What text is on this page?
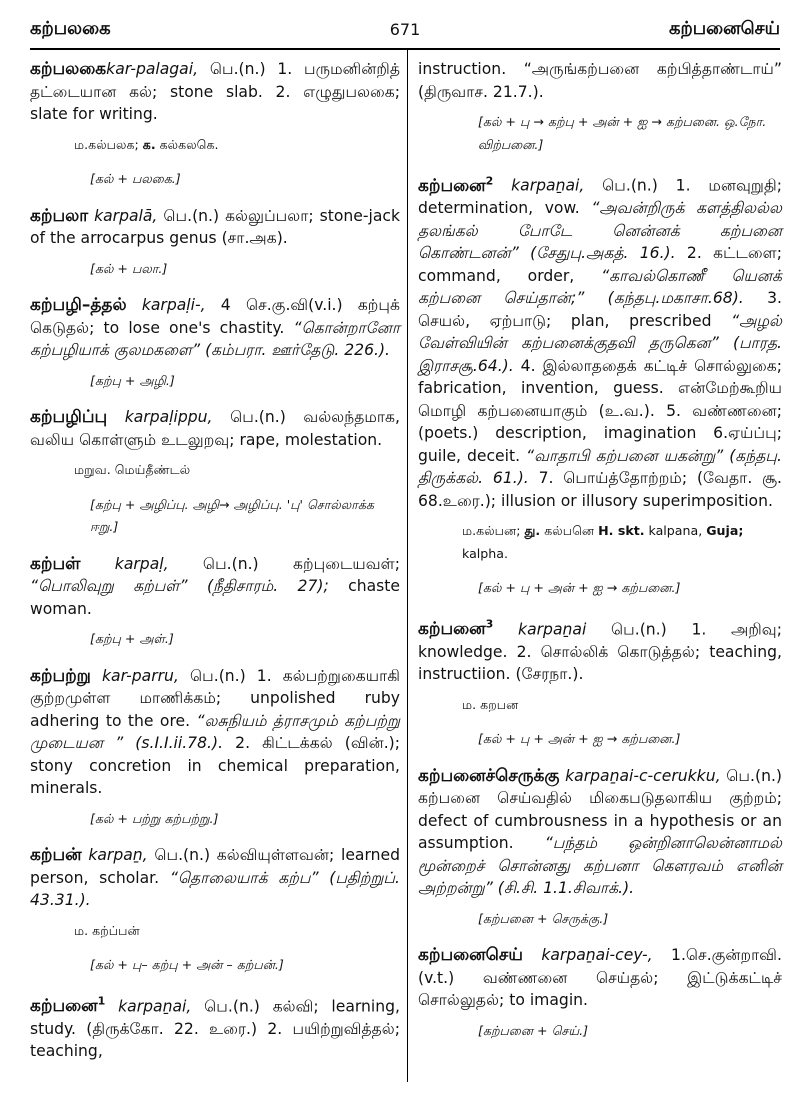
கற்பலகை	671	கற்பனைசெய்

கற்பலகைkar-palagai, பெ.(n.) 1. பருமனின்றித் தட்டையான கல்; stone slab. 2. எழுதுபலகை; slate for writing.

ம.கல்பலக; க. கல்கலகெ.

[கல் + பலகை.]

கற்பலா karpalā, பெ.(n.) கல்லுப்பலா; stone-jack of the arrocarpus genus (சா.அக).

[கல் + பலா.]

கற்பழி–த்தல் karpaḷi-, 4 செ.கு.வி(v.i.) கற்புக் கெடுதல்; to lose one's chastity. “கொன்றானோ கற்பழியாக் குலமகளை” (கம்பரா. ஊர்தேடு. 226.).

[கற்பு + அழி.]

கற்பழிப்பு karpaḷippu, பெ.(n.) வல்லந்தமாக, வலிய கொள்ளும் உடலுறவு; rape, molestation.

மறுவ. மெய்தீண்டல்

[கற்பு + அழிப்பு. அழி→ அழிப்பு. 'பு' சொல்லாக்க ஈறு.]

கற்பள் karpaḷ, பெ.(n.) கற்புடையவள்; “பொலிவுறு கற்பள்” (நீதிசாரம். 27); chaste woman.

[கற்பு + அள்.]

கற்பற்று kar-parru, பெ.(n.) 1. கல்பற்றுகையாகி குற்றமுள்ள மாணிக்கம்; unpolished ruby adhering to the ore. “லசுநியம் த்ராசமும் கற்பற்று முடையன ” (s.I.I.ii.78.). 2. கிட்டக்கல் (வின்.); stony concretion in chemical preparation, minerals.

[கல் + பற்று கற்பற்று.]

கற்பன் karpaṉ, பெ.(n.) கல்வியுள்ளவன்; learned person, scholar. “தொலையாக் கற்ப” (பதிற்றுப். 43.31.).

ம. கற்ப்பன்

[கல் + பு– கற்பு + அன் – கற்பன்.]

கற்பனை$^1$ karpaṉai, பெ.(n.) கல்வி; learning, study. (திருக்கோ. 22. உரை.) 2. பயிற்றுவித்தல்; teaching,

instruction. “அருங்கற்பனை கற்பித்தாண்டாய்” (திருவாச. 21.7.).

[கல் + பு → கற்பு + அன் + ஐ → கற்பனை. ஒ.நோ. விற்பனை.]

கற்பனை$^2$ karpaṉai, பெ.(n.) 1. மனவுறுதி; determination, vow. “அவன்றிருக் களத்திலல்ல தலங்கல் போடே னென்னக் கற்பனை கொண்டனன்” (சேதுபு.அகத். 16.). 2. கட்டளை; command, order, “காவல்கொணீ யெனக் கற்பனை செய்தான்;” (கந்தபு.மகாசா.68). 3. செயல், ஏற்பாடு; plan, prescribed “அழல் வேள்வியின் கற்பனைக்குதவி தருகென” (பாரத. இராசசூ.64.). 4. இல்லாததைக் கட்டிச் சொல்லுகை; fabrication, invention, guess. என்மேற்கூறிய மொழி கற்பனையாகும் (உ.வ.). 5. வண்ணனை; (poets.) description, imagination 6.ஏய்ப்பு; guile, deceit. “வாதாபி கற்பனை யகன்று” (கந்தபு. திருக்கல். 61.). 7. பொய்த்தோற்றம்; (வேதா. சூ. 68.உரை.); illusion or illusory superimposition.

ம.கல்பன; து. கல்பனெ H. skt. kalpana, Guja; kalpha.

[கல் + பு + அன் + ஐ → கற்பனை.]

கற்பனை$^3$ karpaṉai பெ.(n.) 1. அறிவு; knowledge. 2. சொல்லிக் கொடுத்தல்; teaching, instructiion. (சேரநா.).

ம. கறபன

[கல் + பு + அன் + ஐ → கற்பனை.]

கற்பனைச்செருக்கு karpaṉai-c-cerukku, பெ.(n.) கற்பனை செய்வதில் மிகைபடுதலாகிய குற்றம்; defect of cumbrousness in a hypothesis or an assumption. “பந்தம் ஒன்றினாலென்னாமல் மூன்றைச் சொன்னது கற்பனா கௌரவம் எனின் அற்றன்று” (சி.சி. 1.1.சிவாக்.).

[கற்பனை + செருக்கு.]

கற்பனைசெய் karpaṉai-cey-, 1.செ.குன்றாவி.(v.t.) வண்ணனை செய்தல்; இட்டுக்கட்டிச் சொல்லுதல்; to imagin.

[கற்பனை + செய்.]
